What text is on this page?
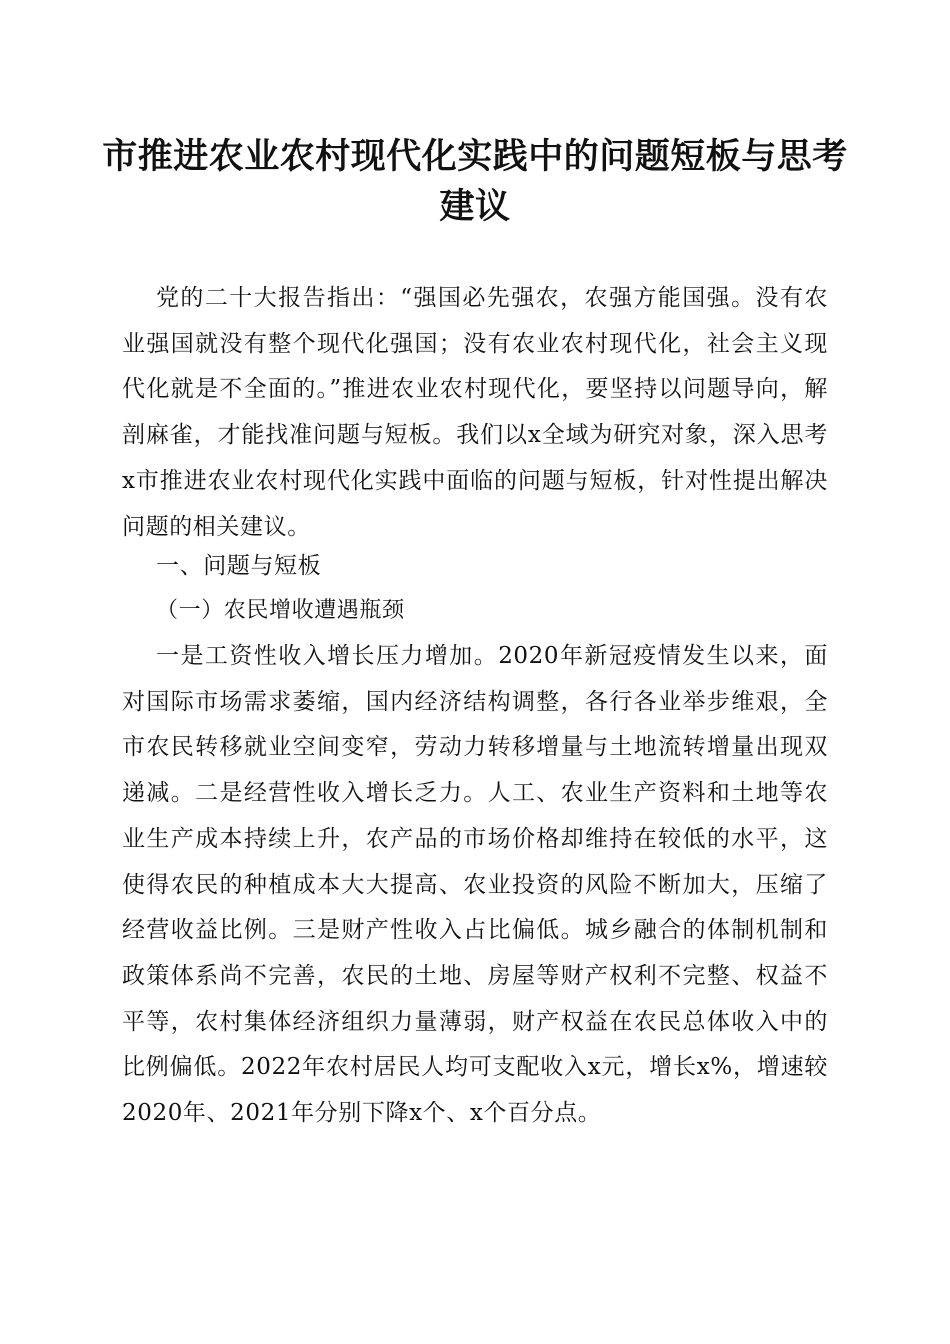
市推进农业农村现代化实践中的问题短板与思考建议
党的二十大报告指出：“强国必先强农，农强方能国强。没有农业强国就没有整个现代化强国；没有农业农村现代化，社会主义现代化就是不全面的。”推进农业农村现代化，要坚持以问题导向，解剖麻雀，才能找准问题与短板。我们以x全域为研究对象，深入思考x市推进农业农村现代化实践中面临的问题与短板，针对性提出解决问题的相关建议。
一、问题与短板
（一）农民增收遭遇瓶颈
一是工资性收入增长压力增加。2020年新冠疫情发生以来，面对国际市场需求萎缩，国内经济结构调整，各行各业举步维艰，全市农民转移就业空间变窄，劳动力转移增量与土地流转增量出现双递减。二是经营性收入增长乏力。人工、农业生产资料和土地等农业生产成本持续上升，农产品的市场价格却维持在较低的水平，这使得农民的种植成本大大提高、农业投资的风险不断加大，压缩了经营收益比例。三是财产性收入占比偏低。城乡融合的体制机制和政策体系尚不完善，农民的土地、房屋等财产权利不完整、权益不平等，农村集体经济组织力量薄弱，财产权益在农民总体收入中的比例偏低。2022年农村居民人均可支配收入x元，增长x%，增速较2020年、2021年分别下降x个、x个百分点。
